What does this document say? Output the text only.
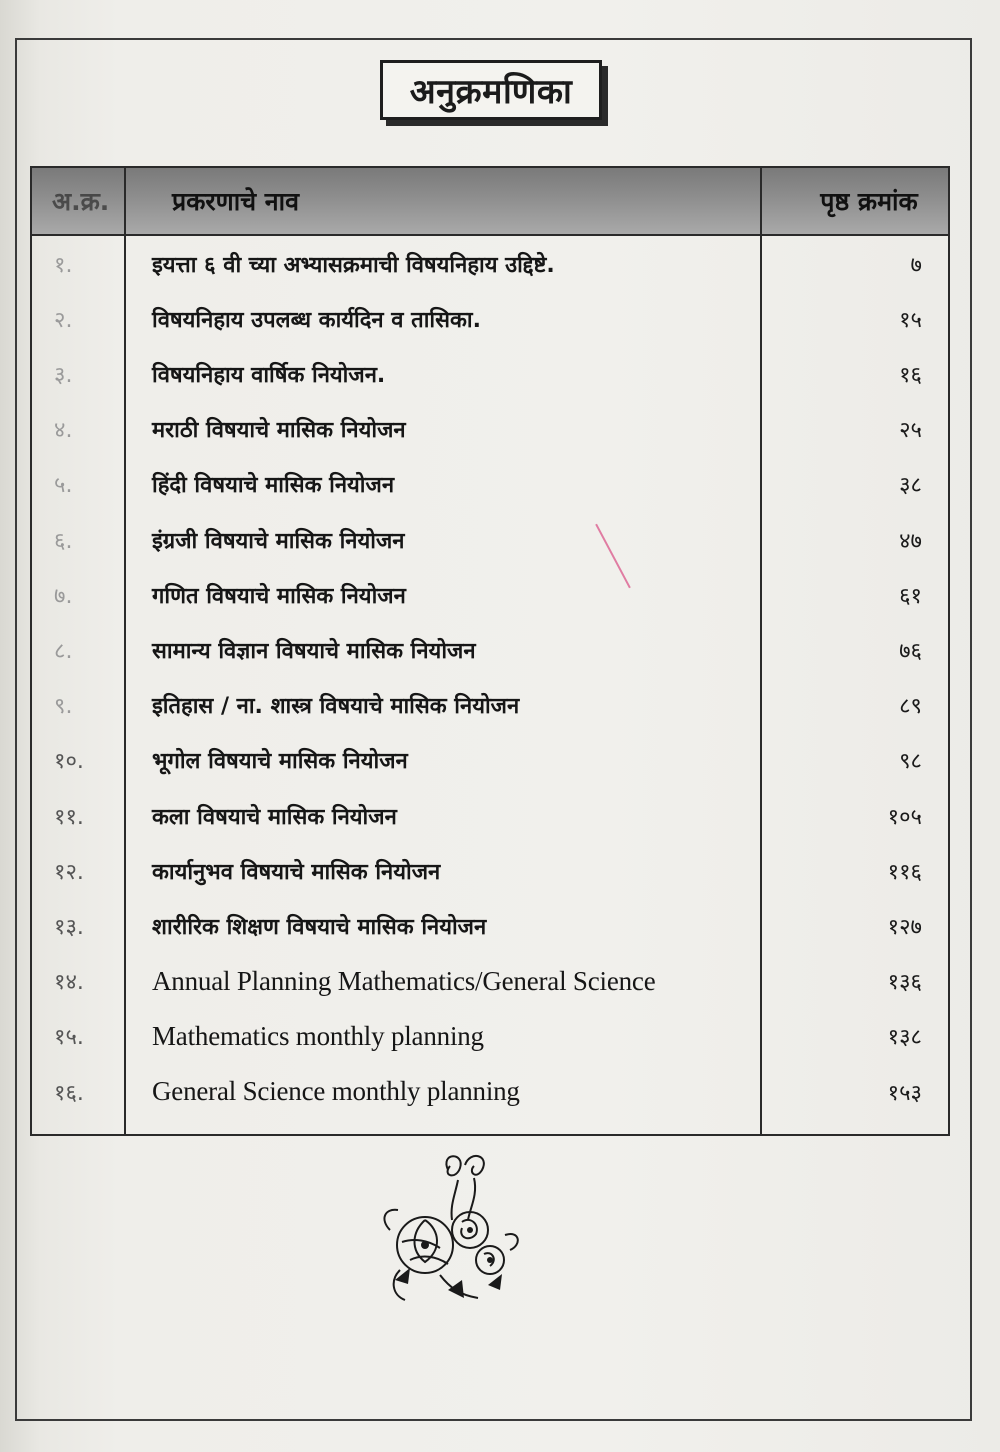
अनुक्रमणिका
अ.क्र.	प्रकरणाचे नाव	पृष्ठ क्रमांक
१.	इयत्ता ६ वी च्या अभ्यासक्रमाची विषयनिहाय उद्दिष्टे.	७
२.	विषयनिहाय उपलब्ध कार्यदिन व तासिका.	१५
३.	विषयनिहाय वार्षिक नियोजन.	१६
४.	मराठी विषयाचे मासिक नियोजन	२५
५.	हिंदी विषयाचे मासिक नियोजन	३८
६.	इंग्रजी विषयाचे मासिक नियोजन	४७
७.	गणित विषयाचे मासिक नियोजन	६१
८.	सामान्य विज्ञान विषयाचे मासिक नियोजन	७६
९.	इतिहास / ना. शास्त्र विषयाचे मासिक नियोजन	८९
१०.	भूगोल विषयाचे मासिक नियोजन	९८
११.	कला विषयाचे मासिक नियोजन	१०५
१२.	कार्यानुभव विषयाचे मासिक नियोजन	११६
१३.	शारीरिक शिक्षण विषयाचे मासिक नियोजन	१२७
१४.	Annual Planning Mathematics/General Science	१३६
१५.	Mathematics monthly planning	१३८
१६.	General Science monthly planning	१५३
